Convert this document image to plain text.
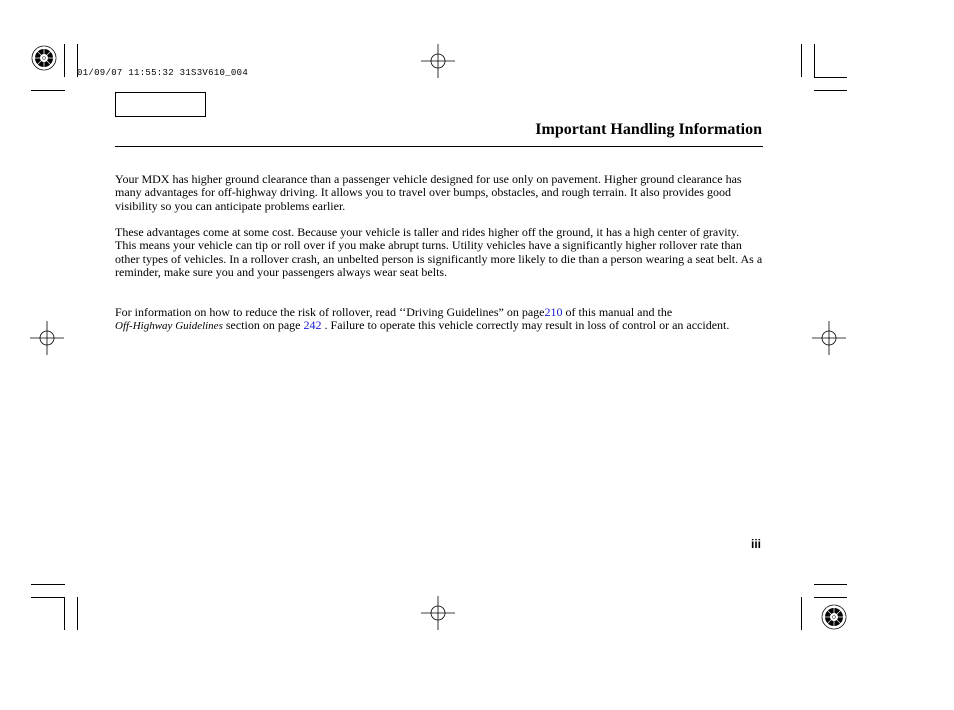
01/09/07 11:55:32 31S3V610_004
Important Handling Information

Your MDX has higher ground clearance than a passenger vehicle designed for use only on pavement. Higher ground clearance has many advantages for off-highway driving. It allows you to travel over bumps, obstacles, and rough terrain. It also provides good visibility so you can anticipate problems earlier.

These advantages come at some cost. Because your vehicle is taller and rides higher off the ground, it has a high center of gravity. This means your vehicle can tip or roll over if you make abrupt turns. Utility vehicles have a significantly higher rollover rate than other types of vehicles. In a rollover crash, an unbelted person is significantly more likely to die than a person wearing a seat belt. As a reminder, make sure you and your passengers always wear seat belts.

For information on how to reduce the risk of rollover, read ‘‘Driving Guidelines” on page210 of this manual and the
Off-Highway Guidelines section on page 242 . Failure to operate this vehicle correctly may result in loss of control or an accident.

iii
